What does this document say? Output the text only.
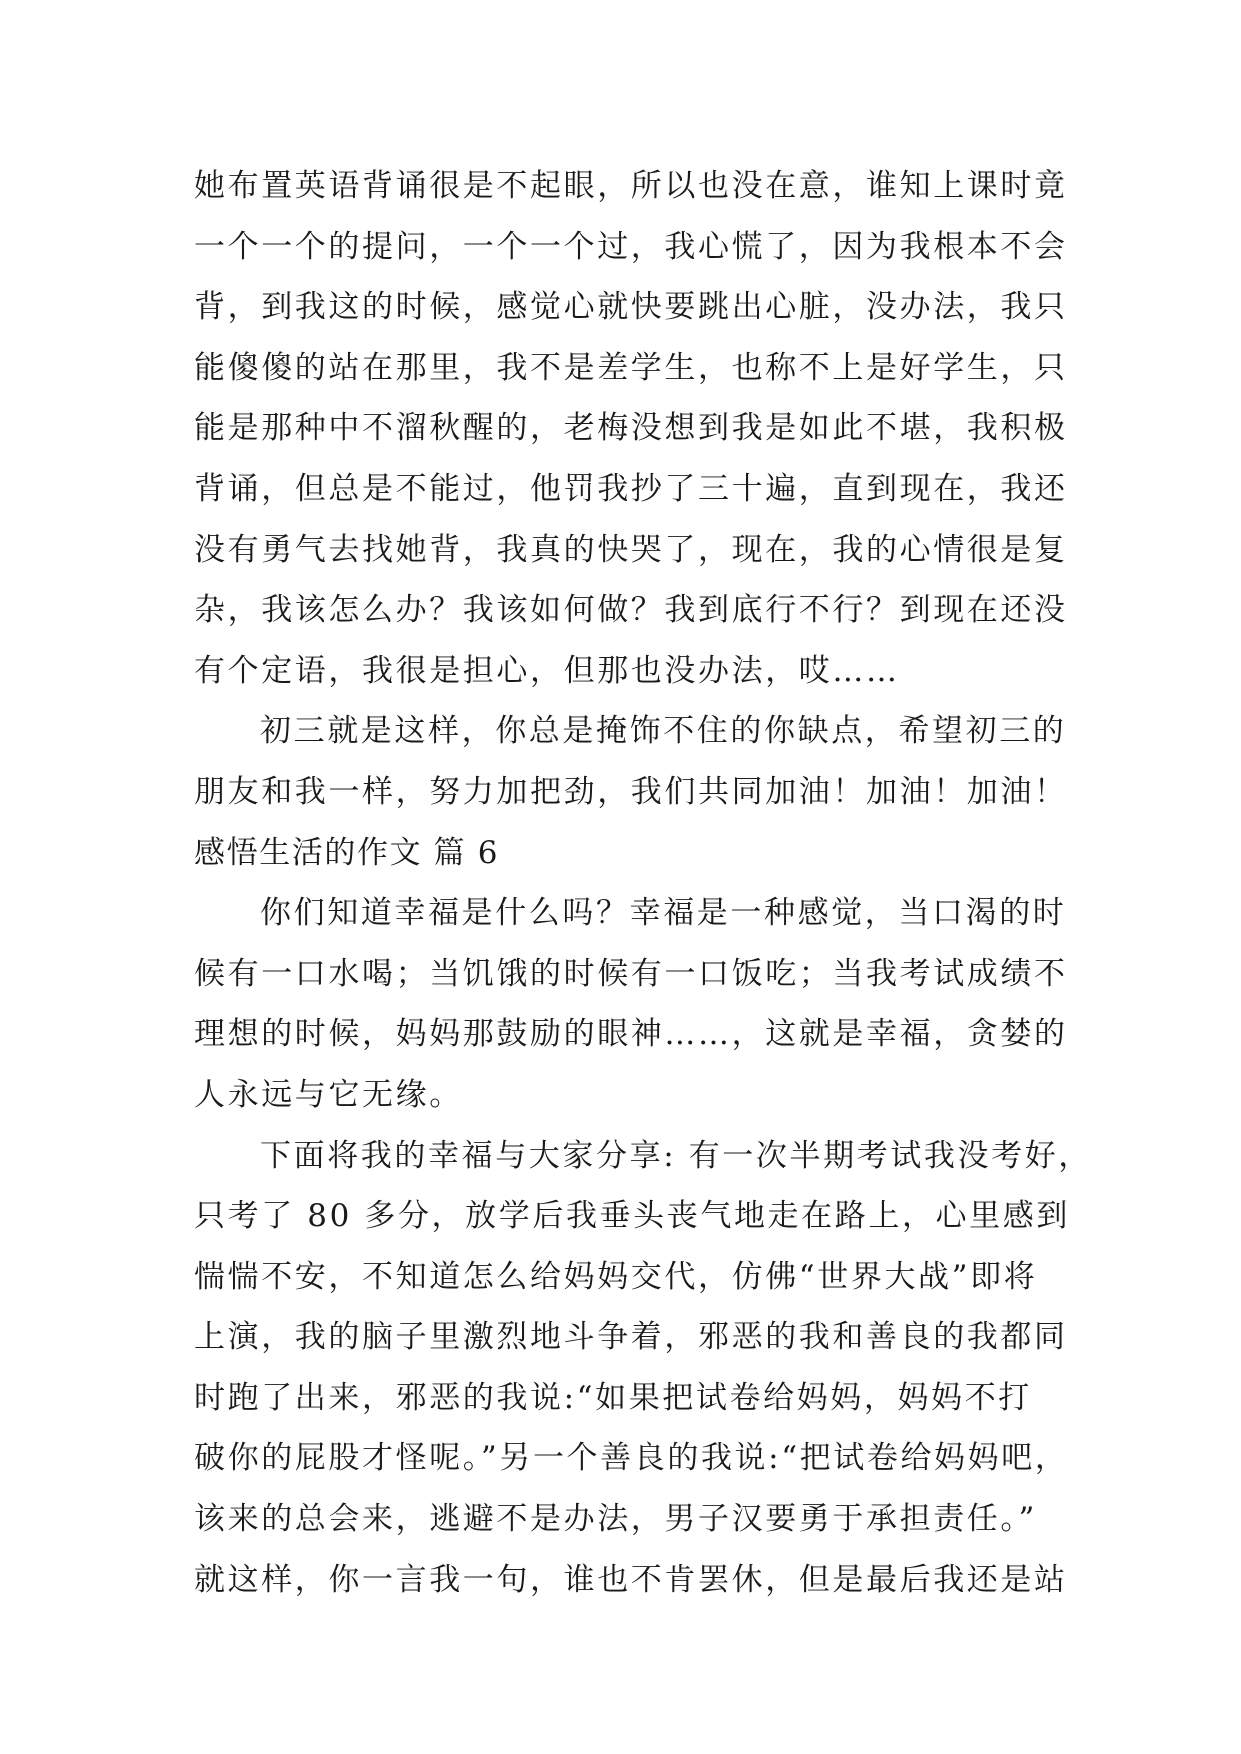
她布置英语背诵很是不起眼，所以也没在意，谁知上课时竟
一个一个的提问，一个一个过，我心慌了，因为我根本不会
背，到我这的时候，感觉心就快要跳出心脏，没办法，我只
能傻傻的站在那里，我不是差学生，也称不上是好学生，只
能是那种中不溜秋醒的，老梅没想到我是如此不堪，我积极
背诵，但总是不能过，他罚我抄了三十遍，直到现在，我还
没有勇气去找她背，我真的快哭了，现在，我的心情很是复
杂，我该怎么办？我该如何做？我到底行不行？到现在还没
有个定语，我很是担心，但那也没办法，哎……
初三就是这样，你总是掩饰不住的你缺点，希望初三的
朋友和我一样，努力加把劲，我们共同加油！加油！加油！
感悟生活的作文 篇 6
你们知道幸福是什么吗？幸福是一种感觉，当口渴的时
候有一口水喝；当饥饿的时候有一口饭吃；当我考试成绩不
理想的时候，妈妈那鼓励的眼神……，这就是幸福，贪婪的
人永远与它无缘。
下面将我的幸福与大家分享: 有一次半期考试我没考好，
只考了 80 多分，放学后我垂头丧气地走在路上，心里感到
惴惴不安，不知道怎么给妈妈交代，仿佛“世界大战”即将
上演，我的脑子里激烈地斗争着，邪恶的我和善良的我都同
时跑了出来，邪恶的我说:“如果把试卷给妈妈，妈妈不打
破你的屁股才怪呢。”另一个善良的我说:“把试卷给妈妈吧，
该来的总会来，逃避不是办法，男子汉要勇于承担责任。”
就这样，你一言我一句，谁也不肯罢休，但是最后我还是站
